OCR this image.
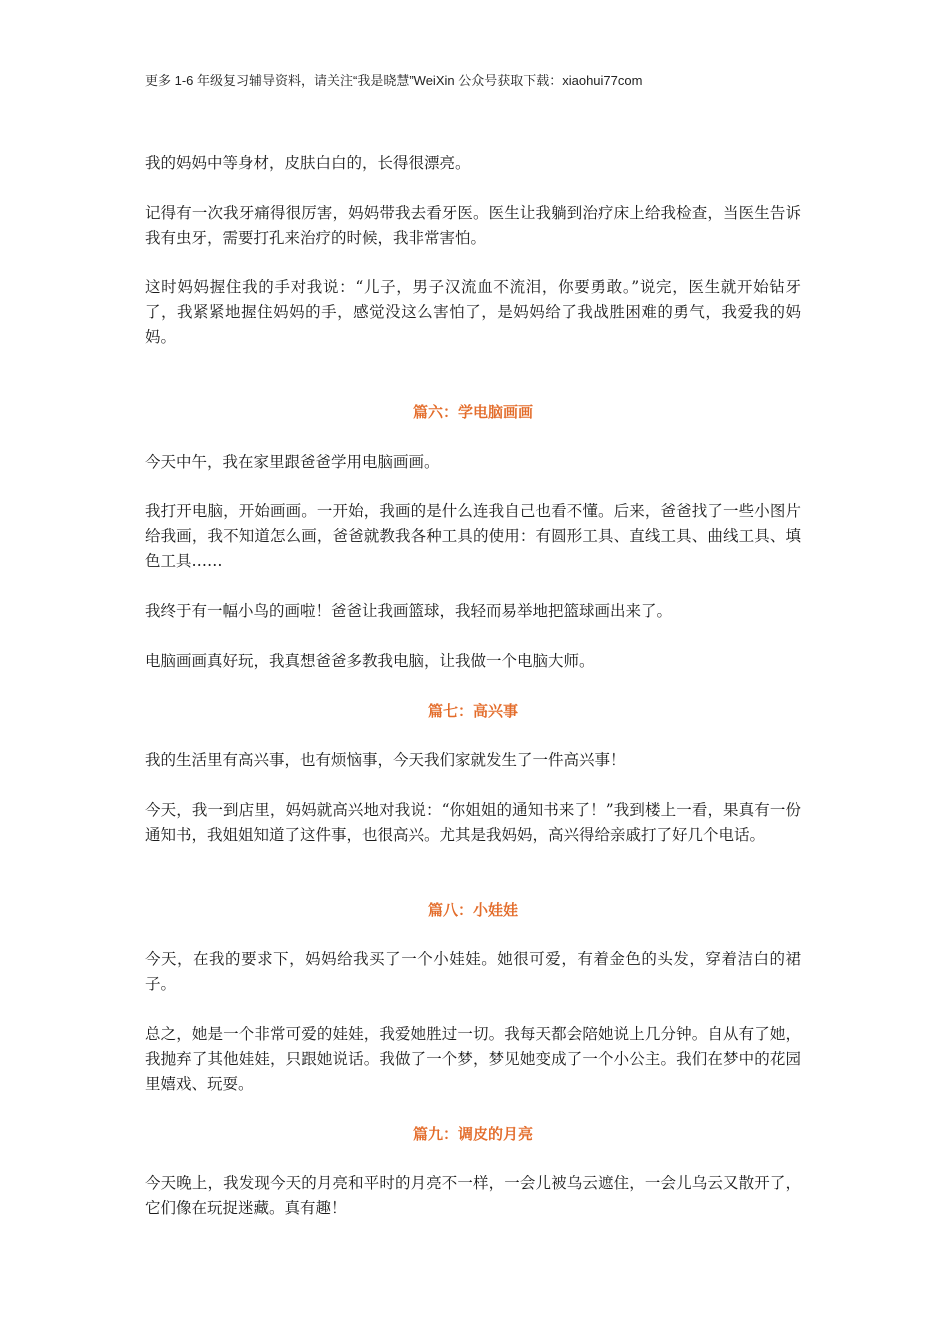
更多 1-6 年级复习辅导资料，请关注“我是晓慧”WeiXin 公众号获取下载：xiaohui77com

我的妈妈中等身材，皮肤白白的，长得很漂亮。

记得有一次我牙痛得很厉害，妈妈带我去看牙医。医生让我躺到治疗床上给我检查，当医生告诉我有虫牙，需要打孔来治疗的时候，我非常害怕。

这时妈妈握住我的手对我说：“儿子，男子汉流血不流泪，你要勇敢。”说完，医生就开始钻牙了，我紧紧地握住妈妈的手，感觉没这么害怕了，是妈妈给了我战胜困难的勇气，我爱我的妈妈。

篇六：学电脑画画

今天中午，我在家里跟爸爸学用电脑画画。

我打开电脑，开始画画。一开始，我画的是什么连我自己也看不懂。后来，爸爸找了一些小图片给我画，我不知道怎么画，爸爸就教我各种工具的使用：有圆形工具、直线工具、曲线工具、填色工具……

我终于有一幅小鸟的画啦！爸爸让我画篮球，我轻而易举地把篮球画出来了。

电脑画画真好玩，我真想爸爸多教我电脑，让我做一个电脑大师。

篇七：高兴事

我的生活里有高兴事，也有烦恼事，今天我们家就发生了一件高兴事！

今天，我一到店里，妈妈就高兴地对我说：“你姐姐的通知书来了！”我到楼上一看，果真有一份通知书，我姐姐知道了这件事，也很高兴。尤其是我妈妈，高兴得给亲戚打了好几个电话。

篇八：小娃娃

今天，在我的要求下，妈妈给我买了一个小娃娃。她很可爱，有着金色的头发，穿着洁白的裙子。

总之，她是一个非常可爱的娃娃，我爱她胜过一切。我每天都会陪她说上几分钟。自从有了她，我抛弃了其他娃娃，只跟她说话。我做了一个梦，梦见她变成了一个小公主。我们在梦中的花园里嬉戏、玩耍。

篇九：调皮的月亮

今天晚上，我发现今天的月亮和平时的月亮不一样，一会儿被乌云遮住，一会儿乌云又散开了，它们像在玩捉迷藏。真有趣！
